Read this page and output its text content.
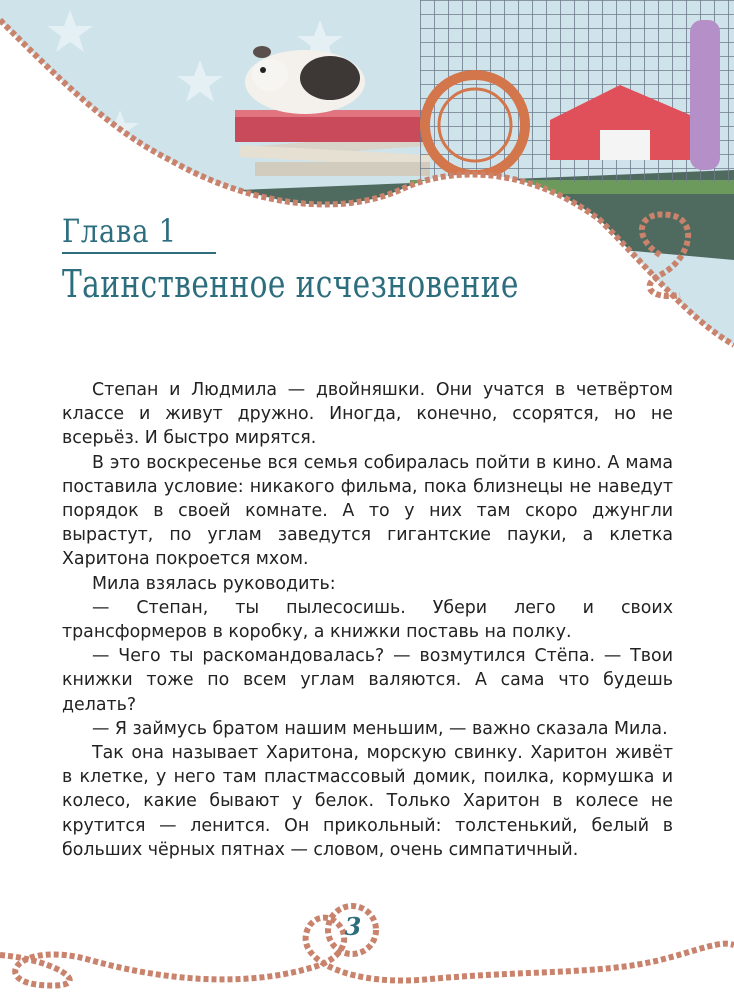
Глава 1
Таинственное исчезновение

Степан и Людмила — двойняшки. Они учатся в четвёртом классе и живут дружно. Иногда, конечно, ссорятся, но не всерьёз. И быстро мирятся.

В это воскресенье вся семья собиралась пойти в кино. А мама поставила условие: никакого фильма, пока близнецы не наведут порядок в своей комнате. А то у них там скоро джунгли вырастут, по углам заведутся гигантские пауки, а клетка Харитона покроется мхом.

Мила взялась руководить:

— Степан, ты пылесосишь. Убери лего и своих трансформеров в коробку, а книжки поставь на полку.

— Чего ты раскомандовалась? — возмутился Стёпа. — Твои книжки тоже по всем углам валяются. А сама что будешь делать?

— Я займусь братом нашим меньшим, — важно сказала Мила.

Так она называет Харитона, морскую свинку. Харитон живёт в клетке, у него там пластмассовый домик, поилка, кормушка и колесо, какие бывают у белок. Только Харитон в колесе не крутится — ленится. Он прикольный: толстенький, белый в больших чёрных пятнах — словом, очень симпатичный.

3
